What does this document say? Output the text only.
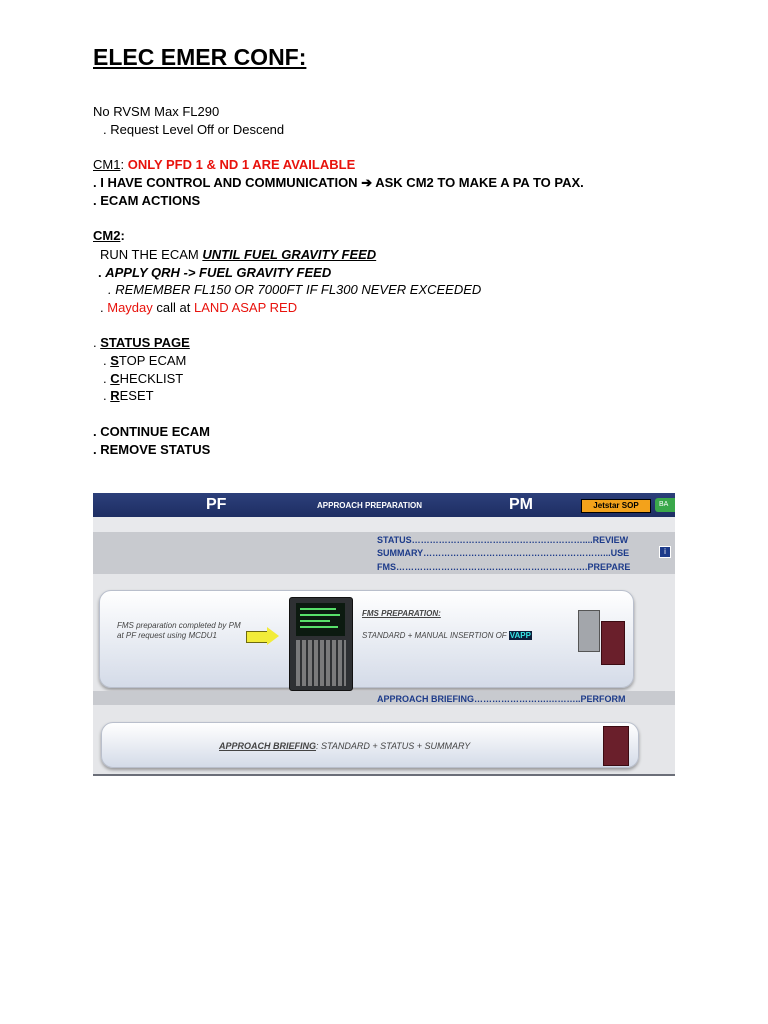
ELEC EMER CONF:
No RVSM Max FL290
. Request Level Off or Descend
CM1: ONLY PFD 1 & ND 1 ARE AVAILABLE
. I HAVE CONTROL AND COMMUNICATION ➔ ASK CM2 TO MAKE A PA TO PAX.
. ECAM ACTIONS
CM2:
RUN THE ECAM UNTIL FUEL GRAVITY FEED
. APPLY QRH -> FUEL GRAVITY FEED
. REMEMBER FL150 OR 7000FT IF FL300 NEVER EXCEEDED
. Mayday call at LAND ASAP RED
. STATUS PAGE
. STOP ECAM
. CHECKLIST
. RESET
. CONTINUE ECAM
. REMOVE STATUS
PF	APPROACH PREPARATION	PM	Jetstar SOP	BA
STATUS…………………………………………………....REVIEW
SUMMARY……………………………………………………...USE	i
FMS……………………………………………………….PREPARE
FMS preparation completed by PM at PF request using MCDU1
FMS PREPARATION:
STANDARD + MANUAL INSERTION OF VAPP
APPROACH BRIEFING…………………….………..PERFORM
APPROACH BRIEFING: STANDARD + STATUS + SUMMARY
